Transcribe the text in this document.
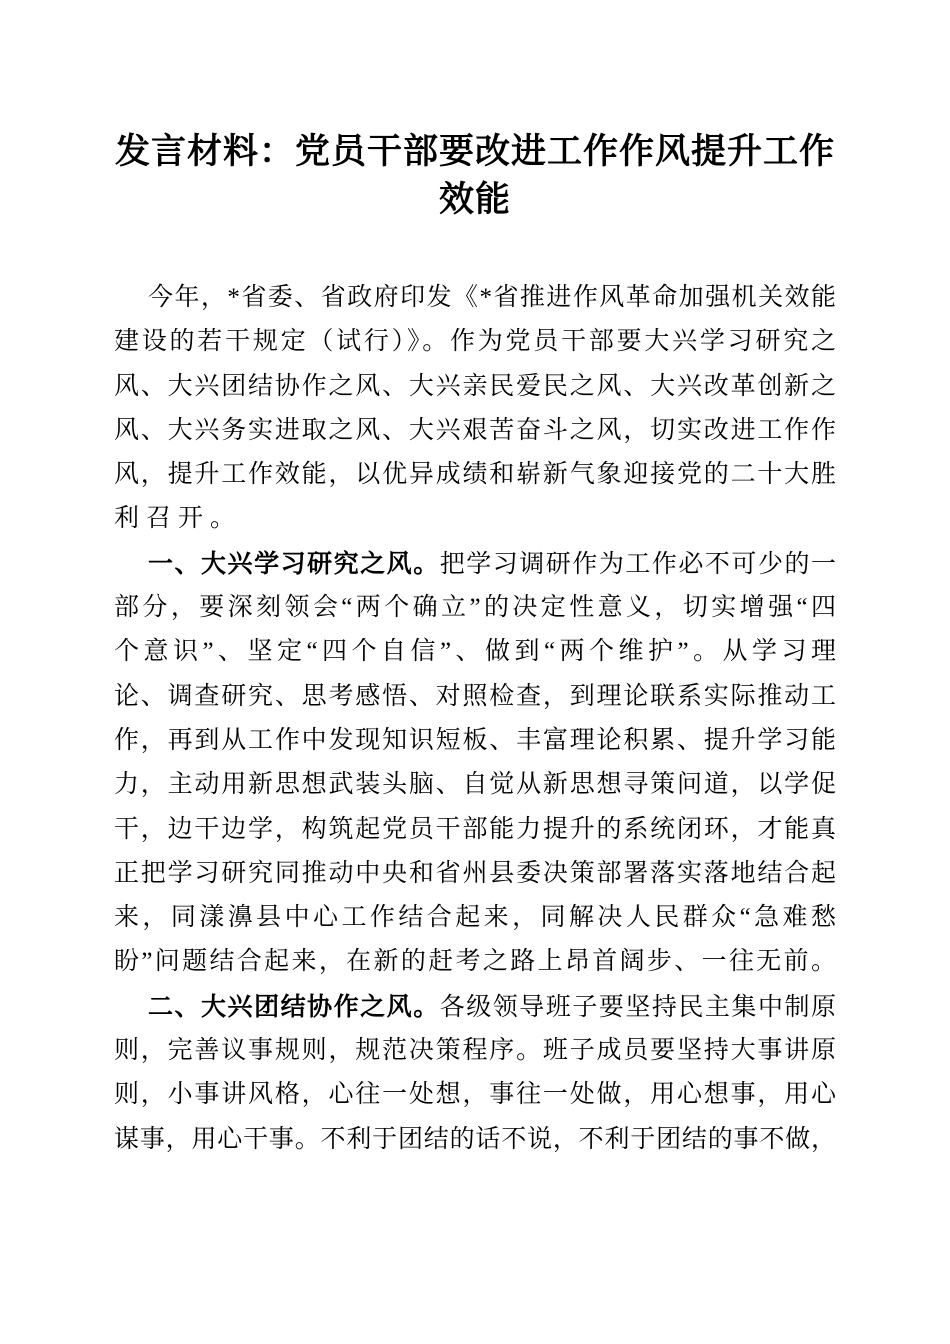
发言材料：党员干部要改进工作作风提升工作
效能
今年，*省委、省政府印发《*省推进作风革命加强机关效能
建设的若干规定（试行）》。作为党员干部要大兴学习研究之
风、大兴团结协作之风、大兴亲民爱民之风、大兴改革创新之
风、大兴务实进取之风、大兴艰苦奋斗之风，切实改进工作作
风，提升工作效能，以优异成绩和崭新气象迎接党的二十大胜
利召开。
一、大兴学习研究之风。把学习调研作为工作必不可少的一
部分，要深刻领会“两个确立”的决定性意义，切实增强“四
个意识”、坚定“四个自信”、做到“两个维护”。从学习理
论、调查研究、思考感悟、对照检查，到理论联系实际推动工
作，再到从工作中发现知识短板、丰富理论积累、提升学习能
力，主动用新思想武装头脑、自觉从新思想寻策问道，以学促
干，边干边学，构筑起党员干部能力提升的系统闭环，才能真
正把学习研究同推动中央和省州县委决策部署落实落地结合起
来，同漾濞县中心工作结合起来，同解决人民群众“急难愁
盼”问题结合起来，在新的赶考之路上昂首阔步、一往无前。
二、大兴团结协作之风。各级领导班子要坚持民主集中制原
则，完善议事规则，规范决策程序。班子成员要坚持大事讲原
则，小事讲风格，心往一处想，事往一处做，用心想事，用心
谋事，用心干事。不利于团结的话不说，不利于团结的事不做，
